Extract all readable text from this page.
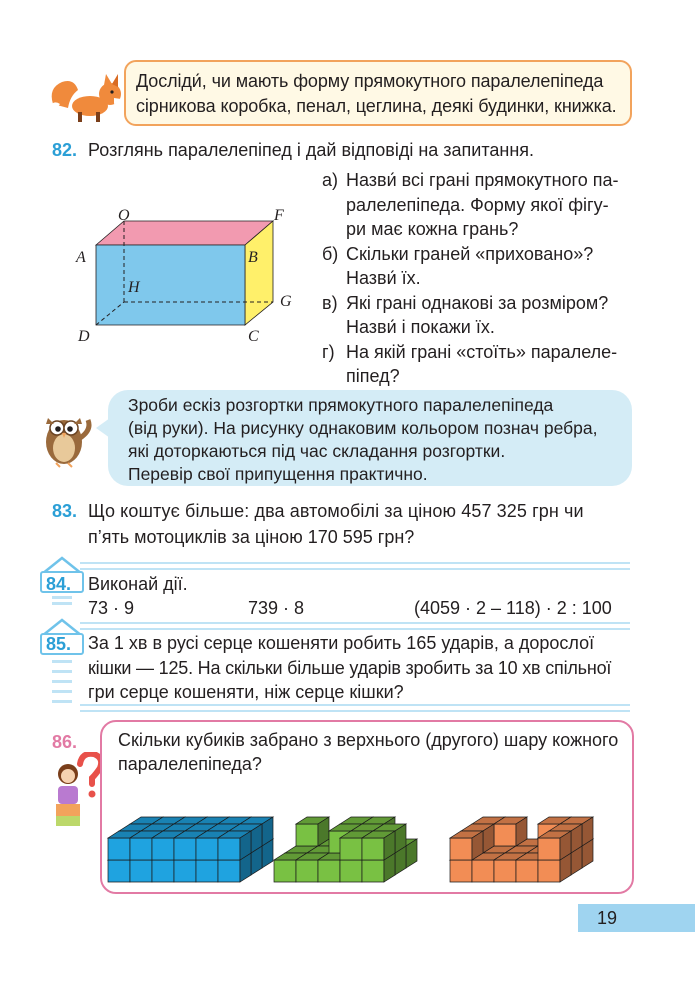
Досліди́, чи мають форму прямокутного паралелепіпеда
сірникова коробка, пенал, цеглина, деякі будинки, книжка.
82. Розглянь паралелепіпед і дай відповіді на запитання.
O	F
A	B
H
G
D	C
а) Назви́ всі грані прямокутного па-
ралелепіпеда. Форму якої фігу-
ри має кожна грань?
б) Скільки граней «приховано»?
Назви́ їх.
в) Які грані однакові за розміром?
Назви́ і покажи їх.
г) На якій грані «стоїть» паралеле-
піпед?
Зроби ескіз розгортки прямокутного паралелепіпеда
(від руки). На рисунку однаковим кольором познач ребра,
які доторкаються під час складання розгортки.
Перевір свої припущення практично.
83. Що коштує більше: два автомобілі за ціною 457 325 грн чи
п’ять мотоциклів за ціною 170 595 грн?
84. Виконай дії.
73 · 9	739 · 8	(4059 · 2 – 118) · 2 : 100
85. За 1 хв в русі серце кошеняти робить 165 ударів, а дорослої
кішки — 125. На скільки більше ударів зробить за 10 хв спільної
гри серце кошеняти, ніж серце кішки?
86. Скільки кубиків забрано з верхнього (другого) шару кожного
паралелепіпеда?
19
